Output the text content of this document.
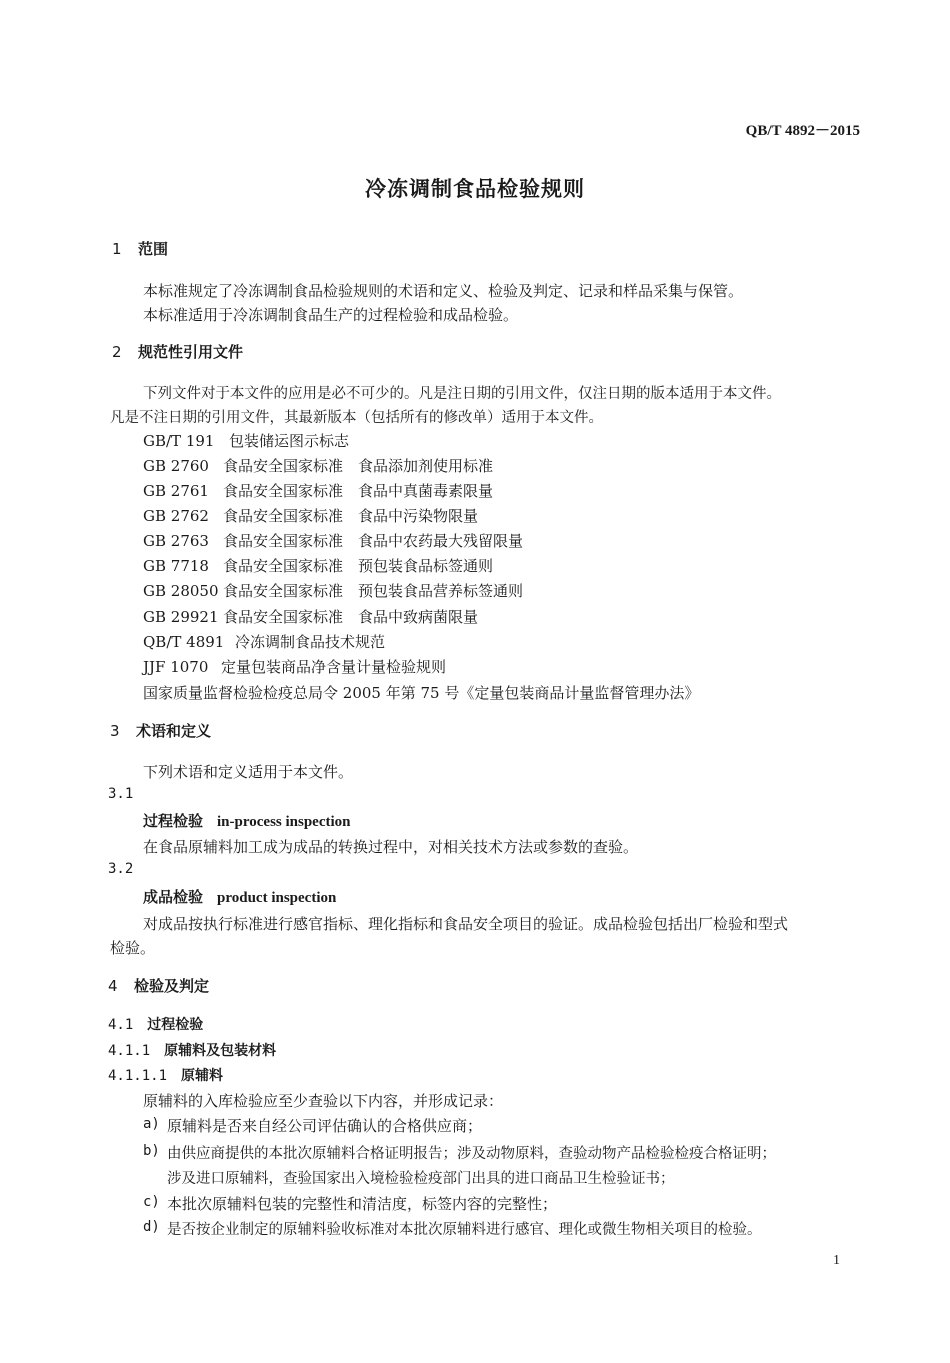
QB/T 4892－2015
冷冻调制食品检验规则
1 范围
本标准规定了冷冻调制食品检验规则的术语和定义、检验及判定、记录和样品采集与保管。
本标准适用于冷冻调制食品生产的过程检验和成品检验。
2 规范性引用文件
下列文件对于本文件的应用是必不可少的。凡是注日期的引用文件，仅注日期的版本适用于本文件。
凡是不注日期的引用文件，其最新版本（包括所有的修改单）适用于本文件。
GB/T 191 包装储运图示标志
GB 2760 食品安全国家标准　食品添加剂使用标准
GB 2761 食品安全国家标准　食品中真菌毒素限量
GB 2762 食品安全国家标准　食品中污染物限量
GB 2763 食品安全国家标准　食品中农药最大残留限量
GB 7718 食品安全国家标准　预包装食品标签通则
GB 28050 食品安全国家标准　预包装食品营养标签通则
GB 29921 食品安全国家标准　食品中致病菌限量
QB/T 4891 冷冻调制食品技术规范
JJF 1070 定量包装商品净含量计量检验规则
国家质量监督检验检疫总局令 2005 年第 75 号《定量包装商品计量监督管理办法》
3 术语和定义
下列术语和定义适用于本文件。
3.1
过程检验 in-process inspection
在食品原辅料加工成为成品的转换过程中，对相关技术方法或参数的查验。
3.2
成品检验 product inspection
对成品按执行标准进行感官指标、理化指标和食品安全项目的验证。成品检验包括出厂检验和型式
检验。
4 检验及判定
4.1 过程检验
4.1.1 原辅料及包装材料
4.1.1.1 原辅料
原辅料的入库检验应至少查验以下内容，并形成记录：
a) 原辅料是否来自经公司评估确认的合格供应商；
b) 由供应商提供的本批次原辅料合格证明报告；涉及动物原料，查验动物产品检验检疫合格证明；
涉及进口原辅料，查验国家出入境检验检疫部门出具的进口商品卫生检验证书；
c) 本批次原辅料包装的完整性和清洁度，标签内容的完整性；
d) 是否按企业制定的原辅料验收标准对本批次原辅料进行感官、理化或微生物相关项目的检验。
1
